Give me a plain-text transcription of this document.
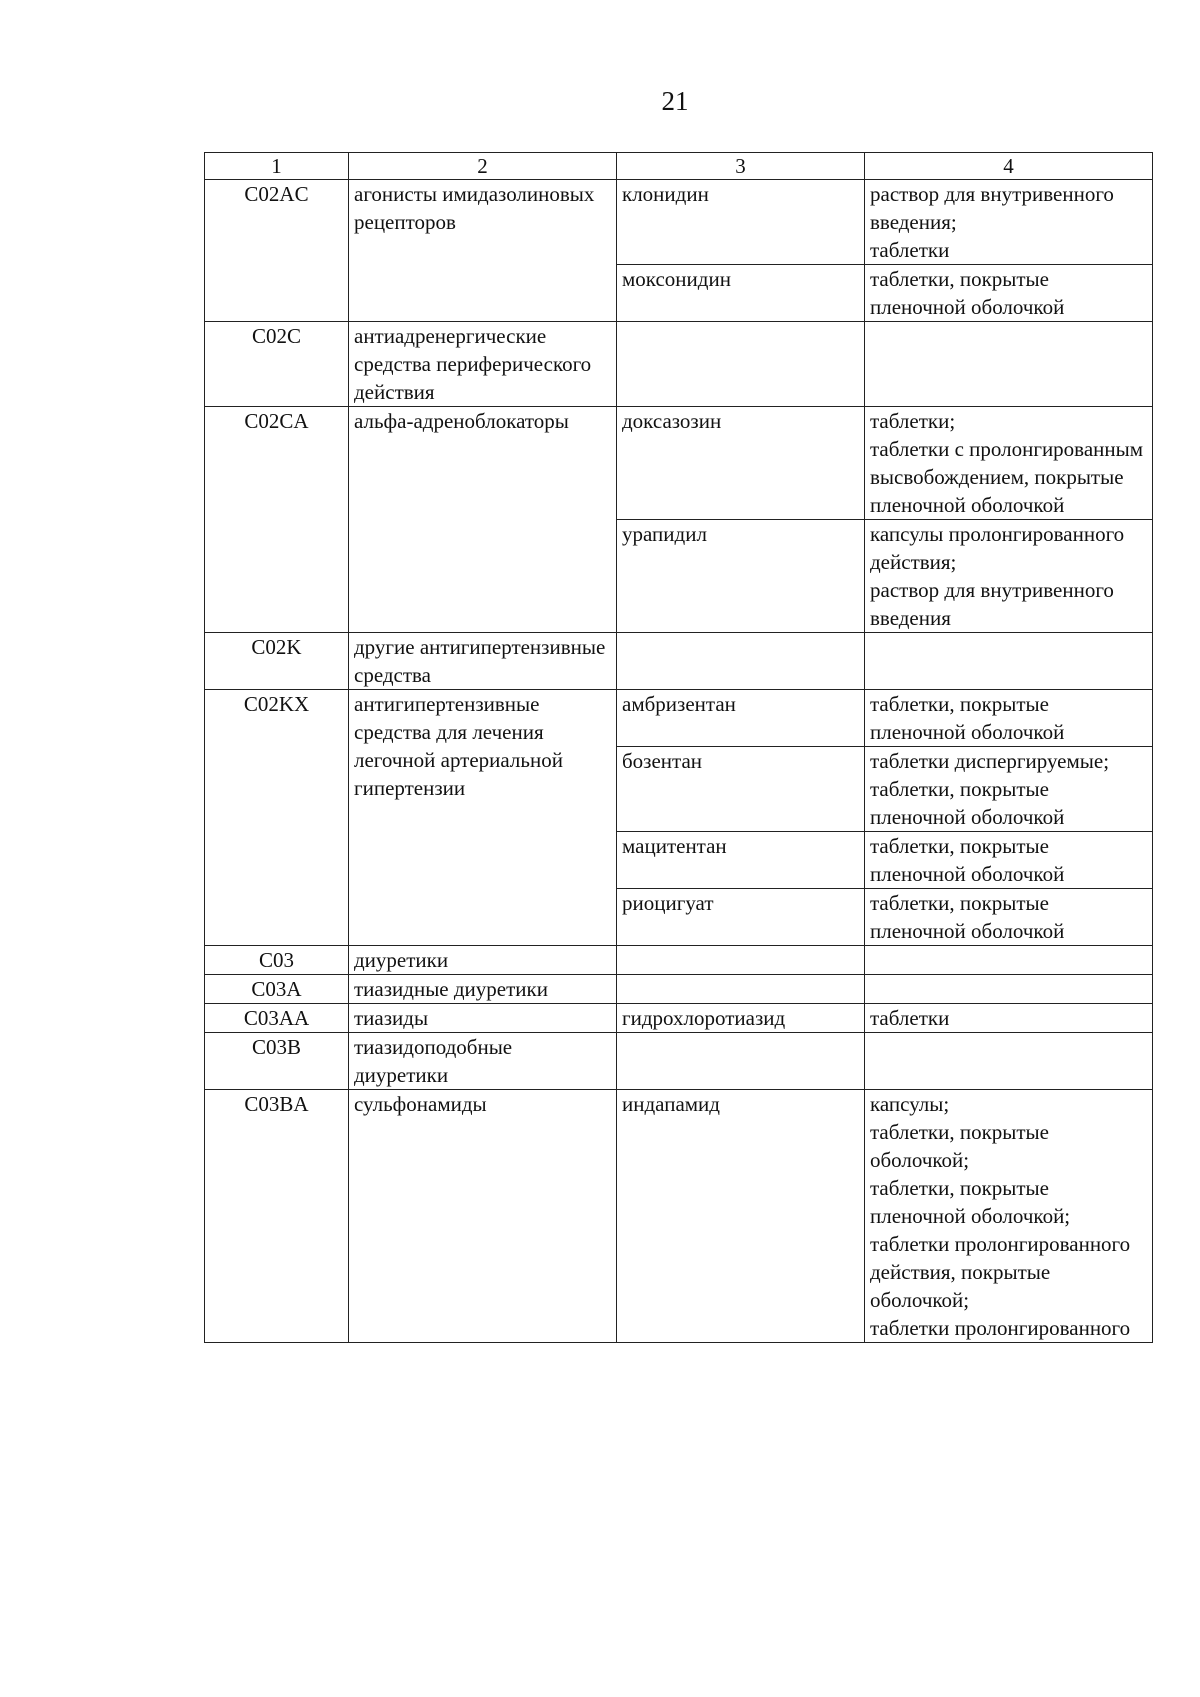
21
1	2	3	4
C02AC	агонисты имидазолиновых рецепторов	клонидин	раствор для внутривенного введения;
таблетки
		моксонидин	таблетки, покрытые пленочной оболочкой
C02C	антиадренергические средства периферического действия		
C02CA	альфа-адреноблокаторы	доксазозин	таблетки;
таблетки с пролонгированным высвобождением, покрытые пленочной оболочкой
		урапидил	капсулы пролонгированного действия;
раствор для внутривенного введения
C02K	другие антигипертензивные средства		
C02KX	антигипертензивные средства для лечения легочной артериальной гипертензии	амбризентан	таблетки, покрытые пленочной оболочкой
		бозентан	таблетки диспергируемые;
таблетки, покрытые пленочной оболочкой
		мацитентан	таблетки, покрытые пленочной оболочкой
		риоцигуат	таблетки, покрытые пленочной оболочкой
C03	диуретики		
C03A	тиазидные диуретики		
C03AA	тиазиды	гидрохлоротиазид	таблетки
C03B	тиазидоподобные диуретики		
C03BA	сульфонамиды	индапамид	капсулы;
таблетки, покрытые оболочкой;
таблетки, покрытые пленочной оболочкой;
таблетки пролонгированного действия, покрытые оболочкой;
таблетки пролонгированного
